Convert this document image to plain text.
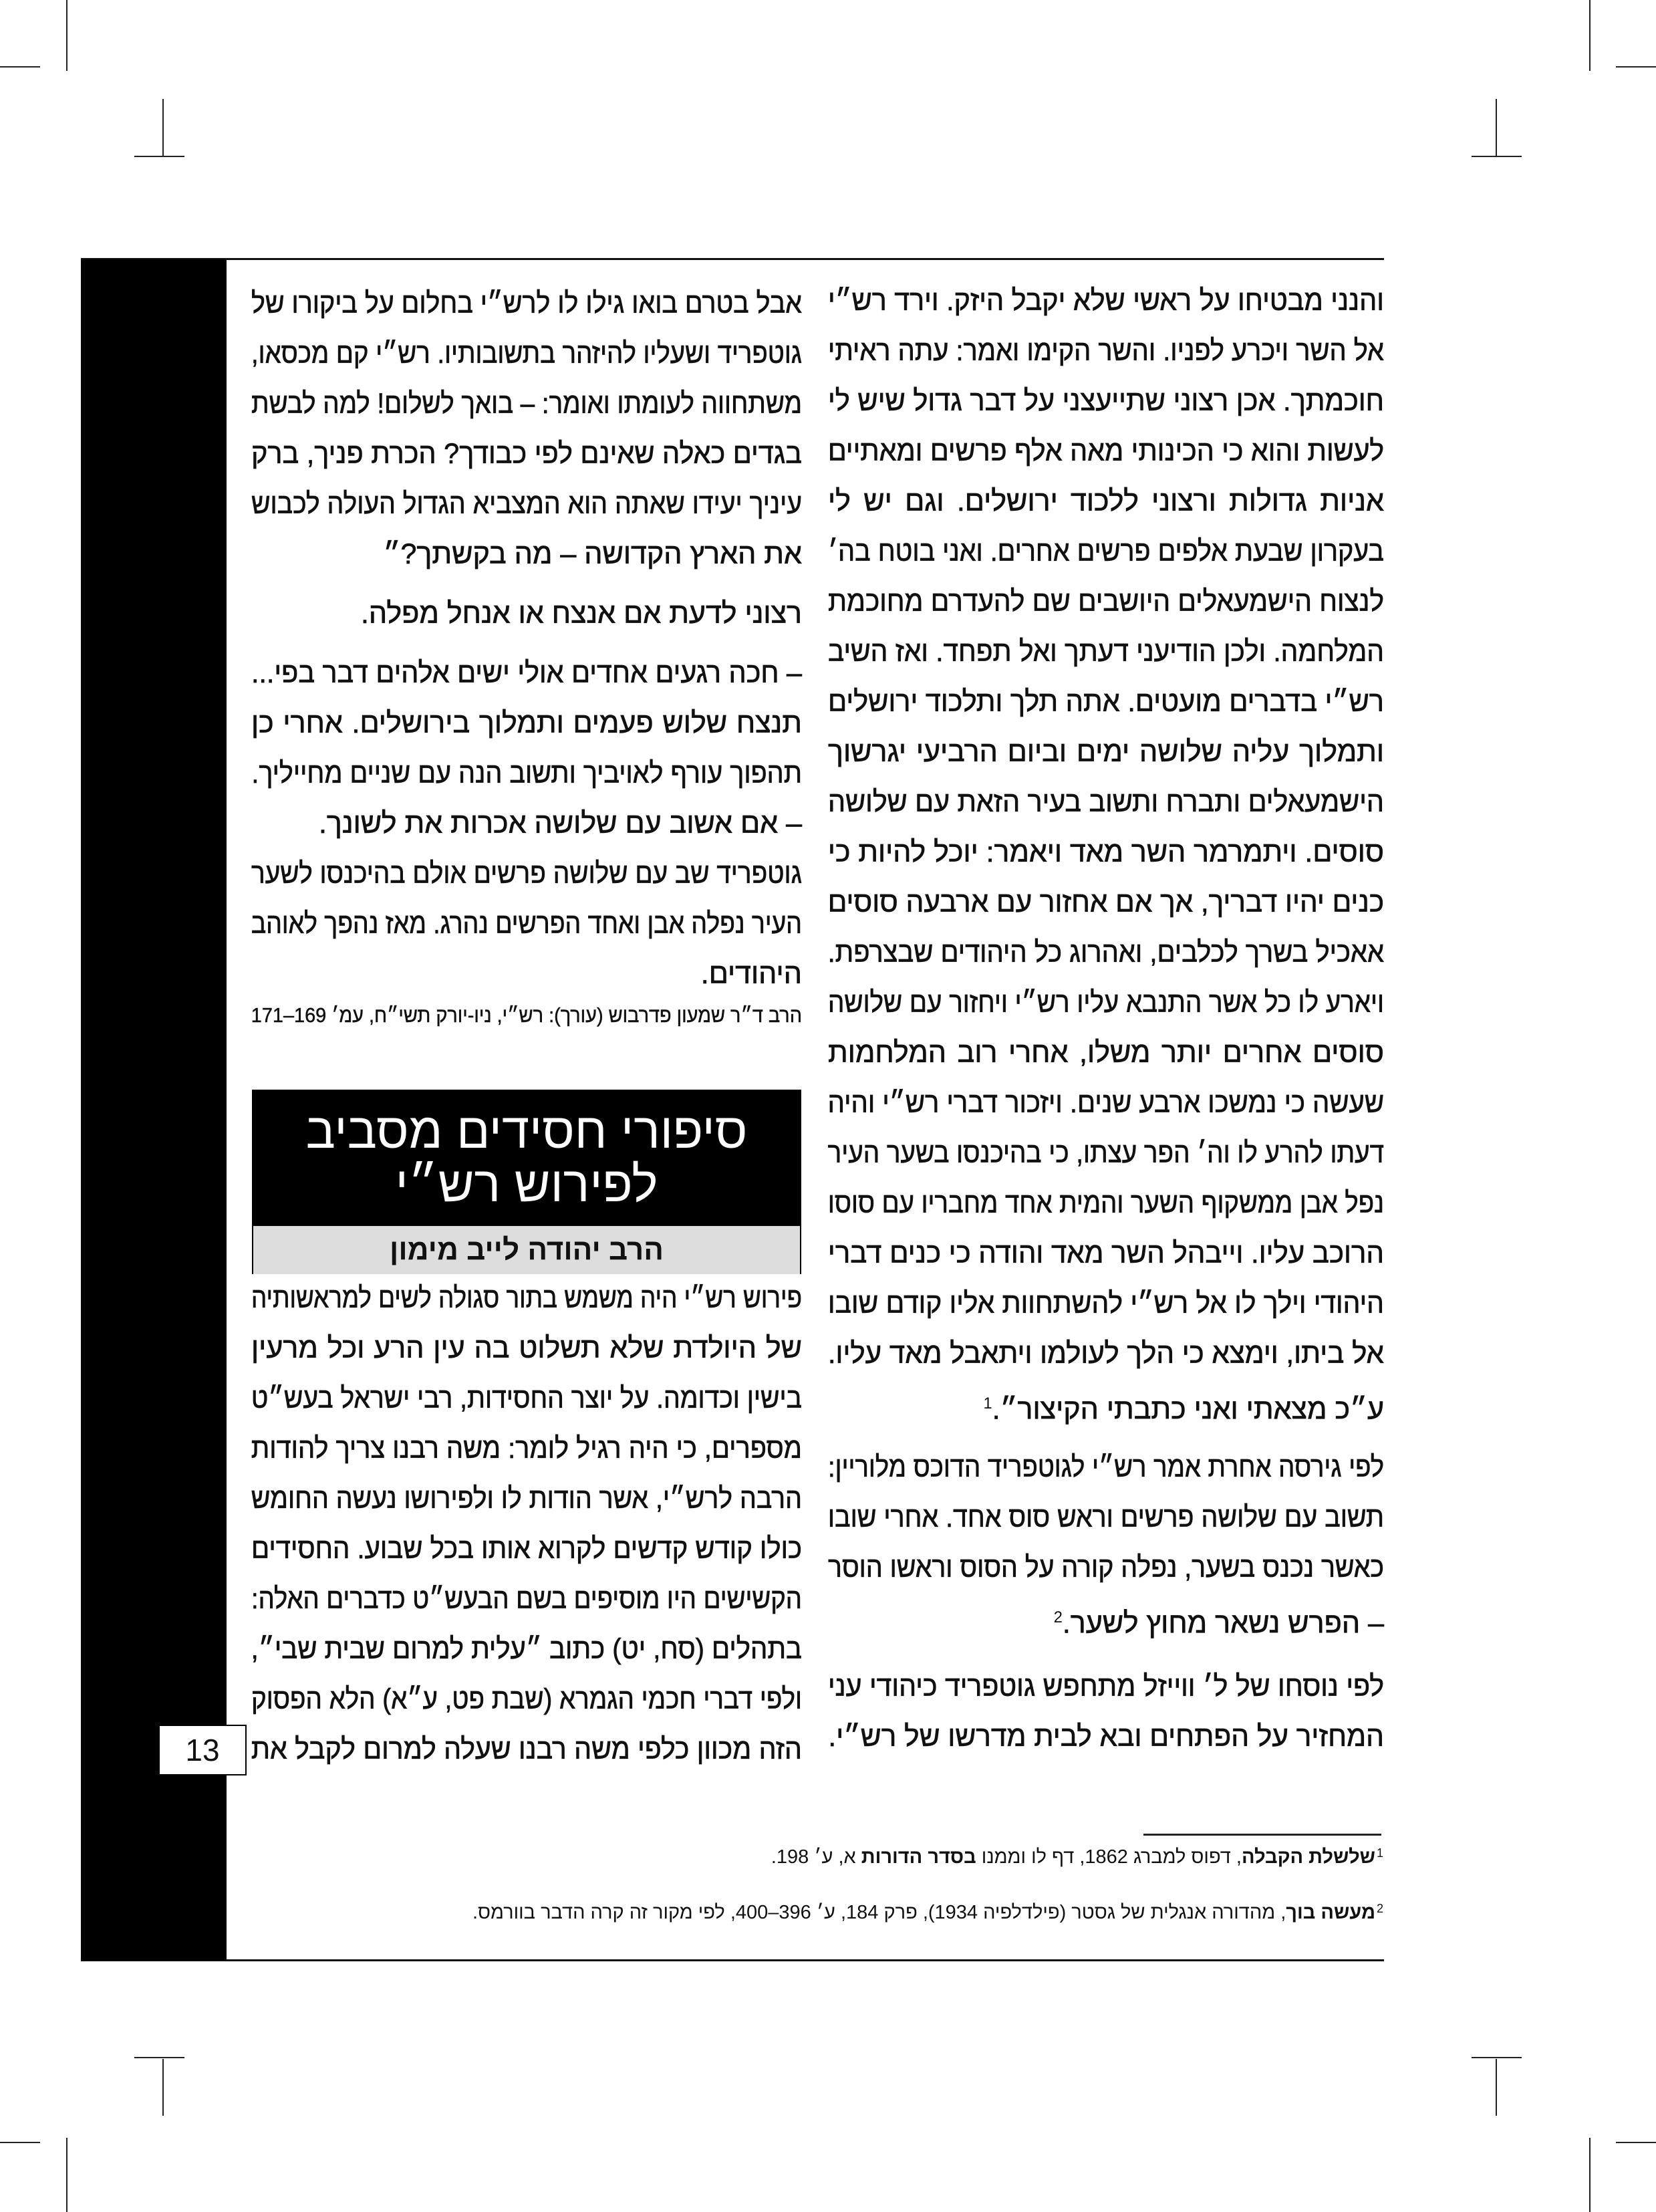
13
והנני מבטיחו על ראשי שלא יקבל היזק. וירד רש״י
אל השר ויכרע לפניו. והשר הקימו ואמר: עתה ראיתי
חוכמתך. אכן רצוני שתייעצני על דבר גדול שיש לי
לעשות והוא כי הכינותי מאה אלף פרשים ומאתיים
אניות גדולות ורצוני ללכוד ירושלים. וגם יש לי
בעקרון שבעת אלפים פרשים אחרים. ואני בוטח בה׳
לנצוח הישמעאלים היושבים שם להעדרם מחוכמת
המלחמה. ולכן הודיעני דעתך ואל תפחד. ואז השיב
רש״י בדברים מועטים. אתה תלך ותלכוד ירושלים
ותמלוך עליה שלושה ימים וביום הרביעי יגרשוך
הישמעאלים ותברח ותשוב בעיר הזאת עם שלושה
סוסים. ויתמרמר השר מאד ויאמר: יוכל להיות כי
כנים יהיו דבריך, אך אם אחזור עם ארבעה סוסים
אאכיל בשרך לכלבים, ואהרוג כל היהודים שבצרפת.
ויארע לו כל אשר התנבא עליו רש״י ויחזור עם שלושה
סוסים אחרים יותר משלו, אחרי רוב המלחמות
שעשה כי נמשכו ארבע שנים. ויזכור דברי רש״י והיה
דעתו להרע לו וה׳ הפר עצתו, כי בהיכנסו בשער העיר
נפל אבן ממשקוף השער והמית אחד מחבריו עם סוסו
הרוכב עליו. וייבהל השר מאד והודה כי כנים דברי
היהודי וילך לו אל רש״י להשתחוות אליו קודם שובו
אל ביתו, וימצא כי הלך לעולמו ויתאבל מאד עליו.
ע״כ מצאתי ואני כתבתי הקיצור״.$^1$
לפי גירסה אחרת אמר רש״י לגוטפריד הדוכס מלוריין:
תשוב עם שלושה פרשים וראש סוס אחד. אחרי שובו
כאשר נכנס בשער, נפלה קורה על הסוס וראשו הוסר
– הפרש נשאר מחוץ לשער.$^2$
לפי נוסחו של ל׳ ווייזל מתחפש גוטפריד כיהודי עני
המחזיר על הפתחים ובא לבית מדרשו של רש״י.
אבל בטרם בואו גילו לו לרש״י בחלום על ביקורו של
גוטפריד ושעליו להיזהר בתשובותיו. רש״י קם מכסאו,
משתחווה לעומתו ואומר: – בואך לשלום! למה לבשת
בגדים כאלה שאינם לפי כבודך? הכרת פניך, ברק
עיניך יעידו שאתה הוא המצביא הגדול העולה לכבוש
את הארץ הקדושה – מה בקשתך?״
רצוני לדעת אם אנצח או אנחל מפלה.
– חכה רגעים אחדים אולי ישים אלהים דבר בפי...
תנצח שלוש פעמים ותמלוך בירושלים. אחרי כן
תהפוך עורף לאויביך ותשוב הנה עם שניים מחייליך.
– אם אשוב עם שלושה אכרות את לשונך.
גוטפריד שב עם שלושה פרשים אולם בהיכנסו לשער
העיר נפלה אבן ואחד הפרשים נהרג. מאז נהפך לאוהב
היהודים.
הרב ד״ר שמעון פדרבוש (עורך): רש״י, ניו-יורק תשי״ח, עמ׳ 169–171
סיפורי חסידים מסביב
לפירוש רש״י
הרב יהודה לייב מימון
פירוש רש״י היה משמש בתור סגולה לשים למראשותיה
של היולדת שלא תשלוט בה עין הרע וכל מרעין
בישין וכדומה. על יוצר החסידות, רבי ישראל בעש״ט
מספרים, כי היה רגיל לומר: משה רבנו צריך להודות
הרבה לרש״י, אשר הודות לו ולפירושו נעשה החומש
כולו קודש קדשים לקרוא אותו בכל שבוע. החסידים
הקשישים היו מוסיפים בשם הבעש״ט כדברים האלה:
בתהלים (סח, יט) כתוב ״עלית למרום שבית שבי״,
ולפי דברי חכמי הגמרא (שבת פט, ע״א) הלא הפסוק
הזה מכוון כלפי משה רבנו שעלה למרום לקבל את
1
שלשלת הקבלה, דפוס למברג 1862, דף לו וממנו בסדר הדורות א, ע׳ 198.
2
מעשה בוך, מהדורה אנגלית של גסטר (פילדלפיה 1934), פרק 184, ע׳ 396–400, לפי מקור זה קרה הדבר בוורמס.
